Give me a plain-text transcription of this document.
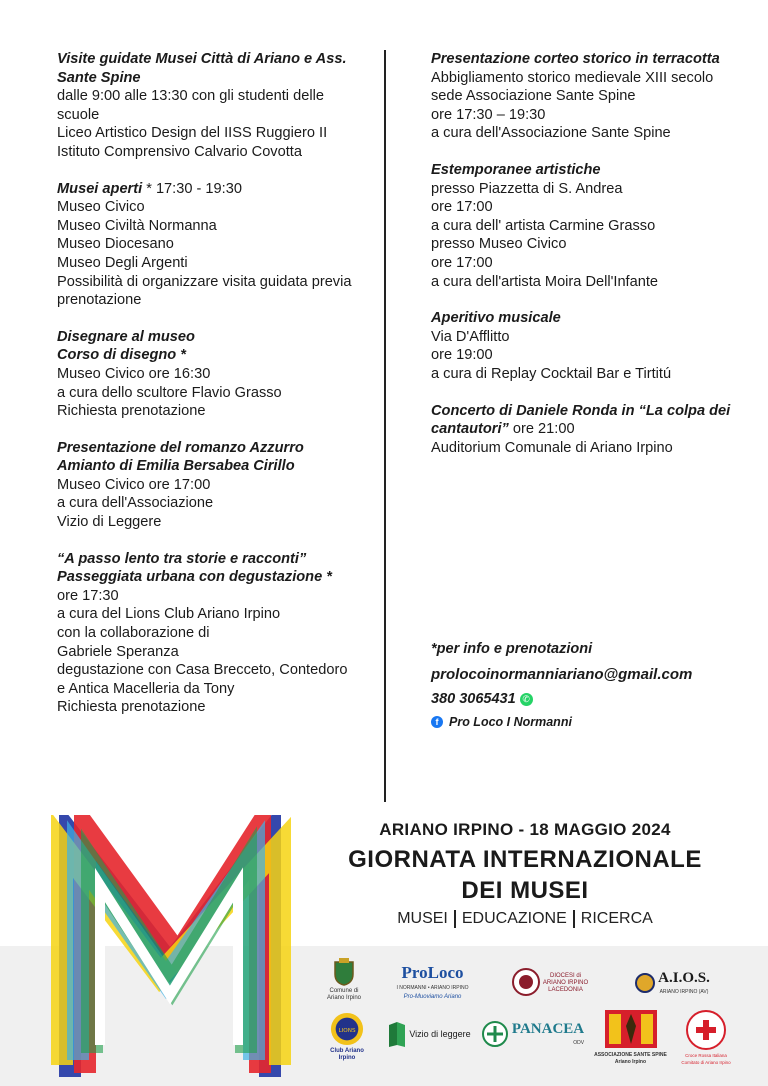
Visite guidate Musei Città di Ariano e Ass. Sante Spine
dalle 9:00 alle 13:30 con gli studenti delle scuole
Liceo Artistico Design del IISS Ruggiero II
Istituto Comprensivo Calvario Covotta
Musei aperti * 17:30 - 19:30
Museo Civico
Museo Civiltà Normanna
Museo Diocesano
Museo Degli Argenti
Possibilità di organizzare visita guidata previa prenotazione
Disegnare al museo
Corso di disegno *
Museo Civico ore 16:30
a cura dello scultore Flavio Grasso
Richiesta prenotazione
Presentazione del romanzo Azzurro Amianto di Emilia Bersabea Cirillo
Museo Civico ore 17:00
a cura dell'Associazione
Vizio di Leggere
“A passo lento tra storie e racconti” Passeggiata urbana con degustazione *
ore 17:30
a cura del Lions Club Ariano Irpino
con la collaborazione di
Gabriele Speranza
degustazione con Casa Brecceto, Contedoro e Antica Macelleria da Tony
Richiesta prenotazione
Presentazione corteo storico in terracotta
Abbigliamento storico medievale XIII secolo
sede Associazione Sante Spine
ore 17:30 – 19:30
a cura dell'Associazione Sante Spine
Estemporanee artistiche
presso Piazzetta di S. Andrea
ore 17:00
a cura dell' artista Carmine Grasso
presso Museo Civico
ore 17:00
a cura dell'artista Moira Dell'Infante
Aperitivo musicale
Via D'Afflitto
ore 19:00
a cura di Replay Cocktail Bar e Tirtitú
Concerto di Daniele Ronda in “La colpa dei cantautori” ore 21:00
Auditorium Comunale di Ariano Irpino
*per info e prenotazioni
prolocoinormanniariano@gmail.com
380 3065431 ✆
f Pro Loco I Normanni
ARIANO IRPINO - 18 MAGGIO 2024
GIORNATA INTERNAZIONALE
DEI MUSEI
MUSEI EDUCAZIONE RICERCA
Comune di
Ariano Irpino
ProLoco
I NORMANNI • ARIANO IRPINO
Pro-Muoviamo Ariano
DIOCESI di
ARIANO IRPINO
LACEDONIA
A.I.O.S.
ARIANO IRPINO (AV)
LIONS
Club Ariano Irpino
Vizio di leggere	PANACEA
ODV
ASSOCIAZIONE SANTE SPINE
Ariano Irpino
Croce Rossa Italiana
Comitato di Ariano Irpino
